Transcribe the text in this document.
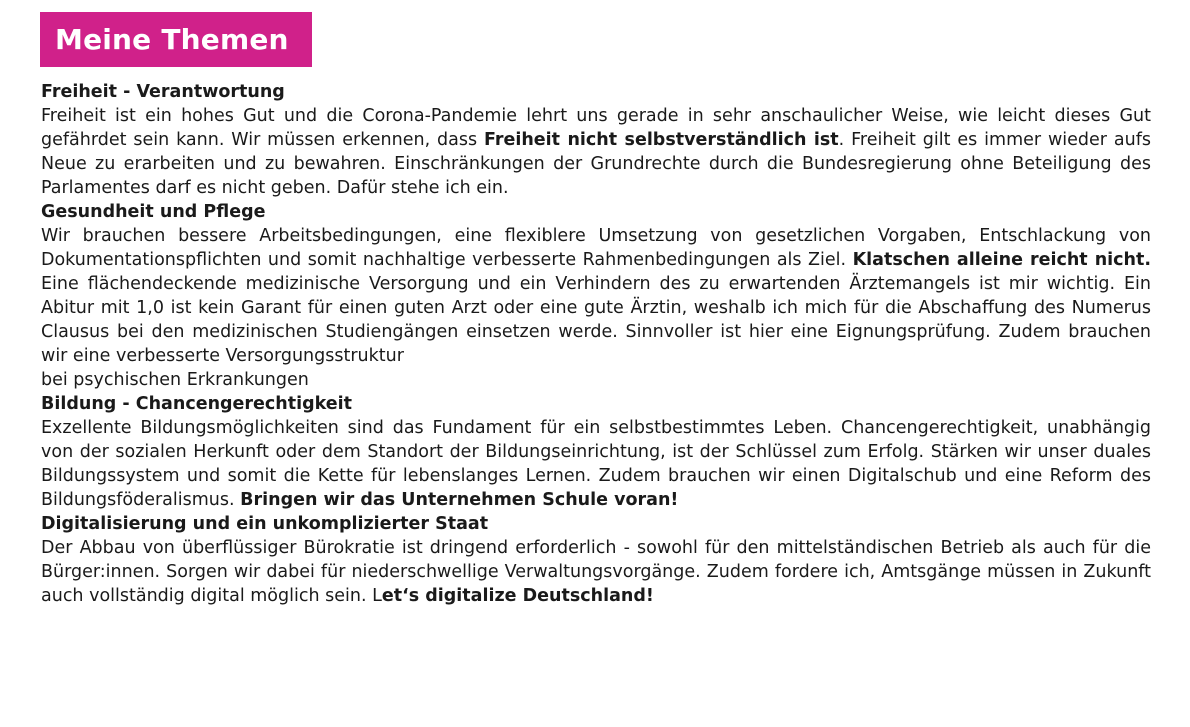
Meine Themen

Freiheit - Verantwortung

Freiheit ist ein hohes Gut und die Corona-Pandemie lehrt uns gerade in sehr anschaulicher Weise, wie leicht dieses Gut gefährdet sein kann. Wir müssen erkennen, dass Freiheit nicht selbstverständlich ist. Freiheit gilt es immer wieder aufs Neue zu erarbeiten und zu bewahren. Einschränkungen der Grundrechte durch die Bundesregierung ohne Beteiligung des Parlamentes darf es nicht geben. Dafür stehe ich ein.

Gesundheit und Pflege

Wir brauchen bessere Arbeitsbedingungen, eine flexiblere Umsetzung von gesetzlichen Vorgaben, Entschlackung von Dokumentationspflichten und somit nachhaltige verbesserte Rahmenbedingungen als Ziel. Klatschen alleine reicht nicht. Eine flächendeckende medizinische Versorgung und ein Verhindern des zu erwartenden Ärztemangels ist mir wichtig. Ein Abitur mit 1,0 ist kein Garant für einen guten Arzt oder eine gute Ärztin, weshalb ich mich für die Abschaffung des Numerus Clausus bei den medizinischen Studiengängen einsetzen werde. Sinnvoller ist hier eine Eignungsprüfung. Zudem brauchen wir eine verbesserte Versorgungsstruktur

bei psychischen Erkrankungen

Bildung - Chancengerechtigkeit

Exzellente Bildungsmöglichkeiten sind das Fundament für ein selbstbestimmtes Leben. Chancengerechtigkeit, unabhängig von der sozialen Herkunft oder dem Standort der Bildungseinrichtung, ist der Schlüssel zum Erfolg. Stärken wir unser duales Bildungssystem und somit die Kette für lebenslanges Lernen. Zudem brauchen wir einen Digitalschub und eine Reform des Bildungsföderalismus. Bringen wir das Unternehmen Schule voran!

Digitalisierung und ein unkomplizierter Staat

Der Abbau von überflüssiger Bürokratie ist dringend erforderlich - sowohl für den mittelständischen Betrieb als auch für die Bürger:innen. Sorgen wir dabei für niederschwellige Verwaltungsvorgänge. Zudem fordere ich, Amtsgänge müssen in Zukunft auch vollständig digital möglich sein. Let‘s digitalize Deutschland!
